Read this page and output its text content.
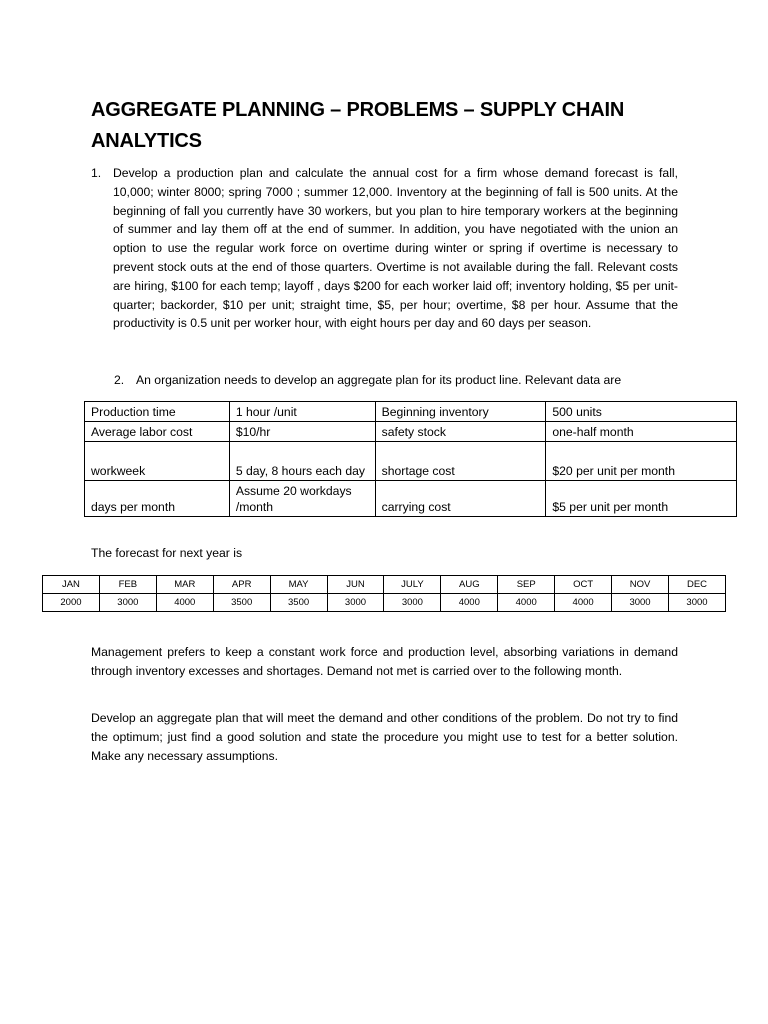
AGGREGATE PLANNING – PROBLEMS – SUPPLY CHAIN
ANALYTICS
1. Develop a production plan and calculate the annual cost for a firm whose demand forecast is fall, 10,000; winter 8000; spring 7000 ; summer 12,000. Inventory at the beginning of fall is 500 units. At the beginning of fall you currently have 30 workers, but you plan to hire temporary workers at the beginning of summer and lay them off at the end of summer. In addition, you have negotiated with the union an option to use the regular work force on overtime during winter or spring if overtime is necessary to prevent stock outs at the end of those quarters. Overtime is not available during the fall. Relevant costs are hiring, $100 for each temp; layoff , days $200 for each worker laid off; inventory holding, $5 per unit- quarter; backorder, $10 per unit; straight time, $5, per hour; overtime, $8 per hour. Assume that the productivity is 0.5 unit per worker hour, with eight hours per day and 60 days per season.
2. An organization needs to develop an aggregate plan for its product line. Relevant data are
Production time	1 hour /unit	Beginning inventory	500 units
Average labor cost	$10/hr	safety stock	one-half month
workweek	5 day, 8 hours each day	shortage cost	$20 per unit per month
days per month	Assume 20 workdays /month	carrying cost	$5 per unit per month
The forecast for next year is
JAN	FEB	MAR	APR	MAY	JUN	JULY	AUG	SEP	OCT	NOV	DEC
2000	3000	4000	3500	3500	3000	3000	4000	4000	4000	3000	3000
Management prefers to keep a constant work force and production level, absorbing variations in demand through inventory excesses and shortages. Demand not met is carried over to the following month.
Develop an aggregate plan that will meet the demand and other conditions of the problem. Do not try to find the optimum; just find a good solution and state the procedure you might use to test for a better solution. Make any necessary assumptions.
